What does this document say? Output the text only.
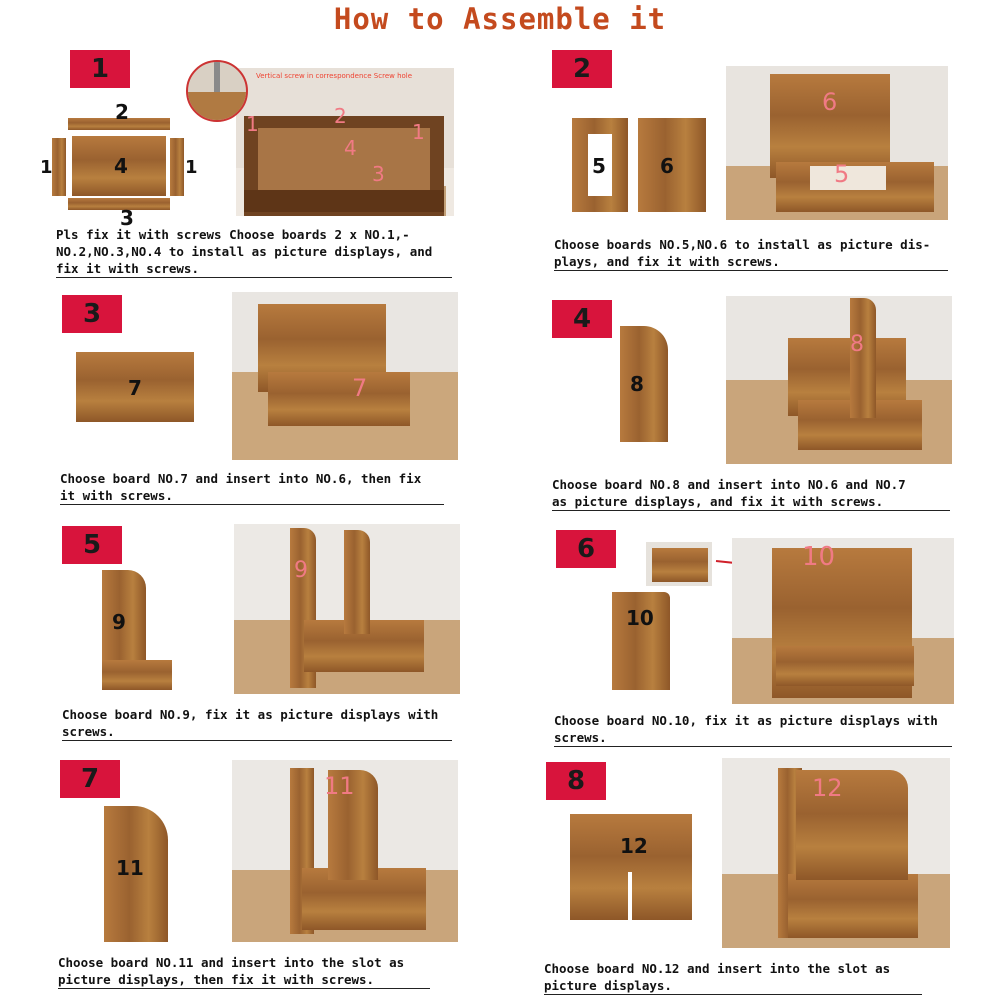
How to Assemble it
1
2
1	4	1
3
Vertical screw in correspondence Screw hole
1	2
4
1
3
Pls fix it with screws Choose boards 2 x NO.1,-
NO.2,NO.3,NO.4 to install as picture displays, and
fix it with screws.
2
5	6
6
5
Choose boards NO.5,NO.6 to install as picture dis-
plays, and fix it with screws.
3
7	7
Choose board NO.7 and insert into NO.6, then fix
it with screws.
4
8
8
Choose board NO.8 and insert into NO.6 and NO.7
as picture displays, and fix it with screws.
5
9
9
Choose board NO.9, fix it as picture displays with
screws.
6
10
10
Choose board NO.10, fix it as picture displays with
screws.
7
11
11
Choose board NO.11 and insert into the slot as
picture displays, then fix it with screws.
8
12
12
Choose board NO.12 and insert into the slot as
picture displays.
